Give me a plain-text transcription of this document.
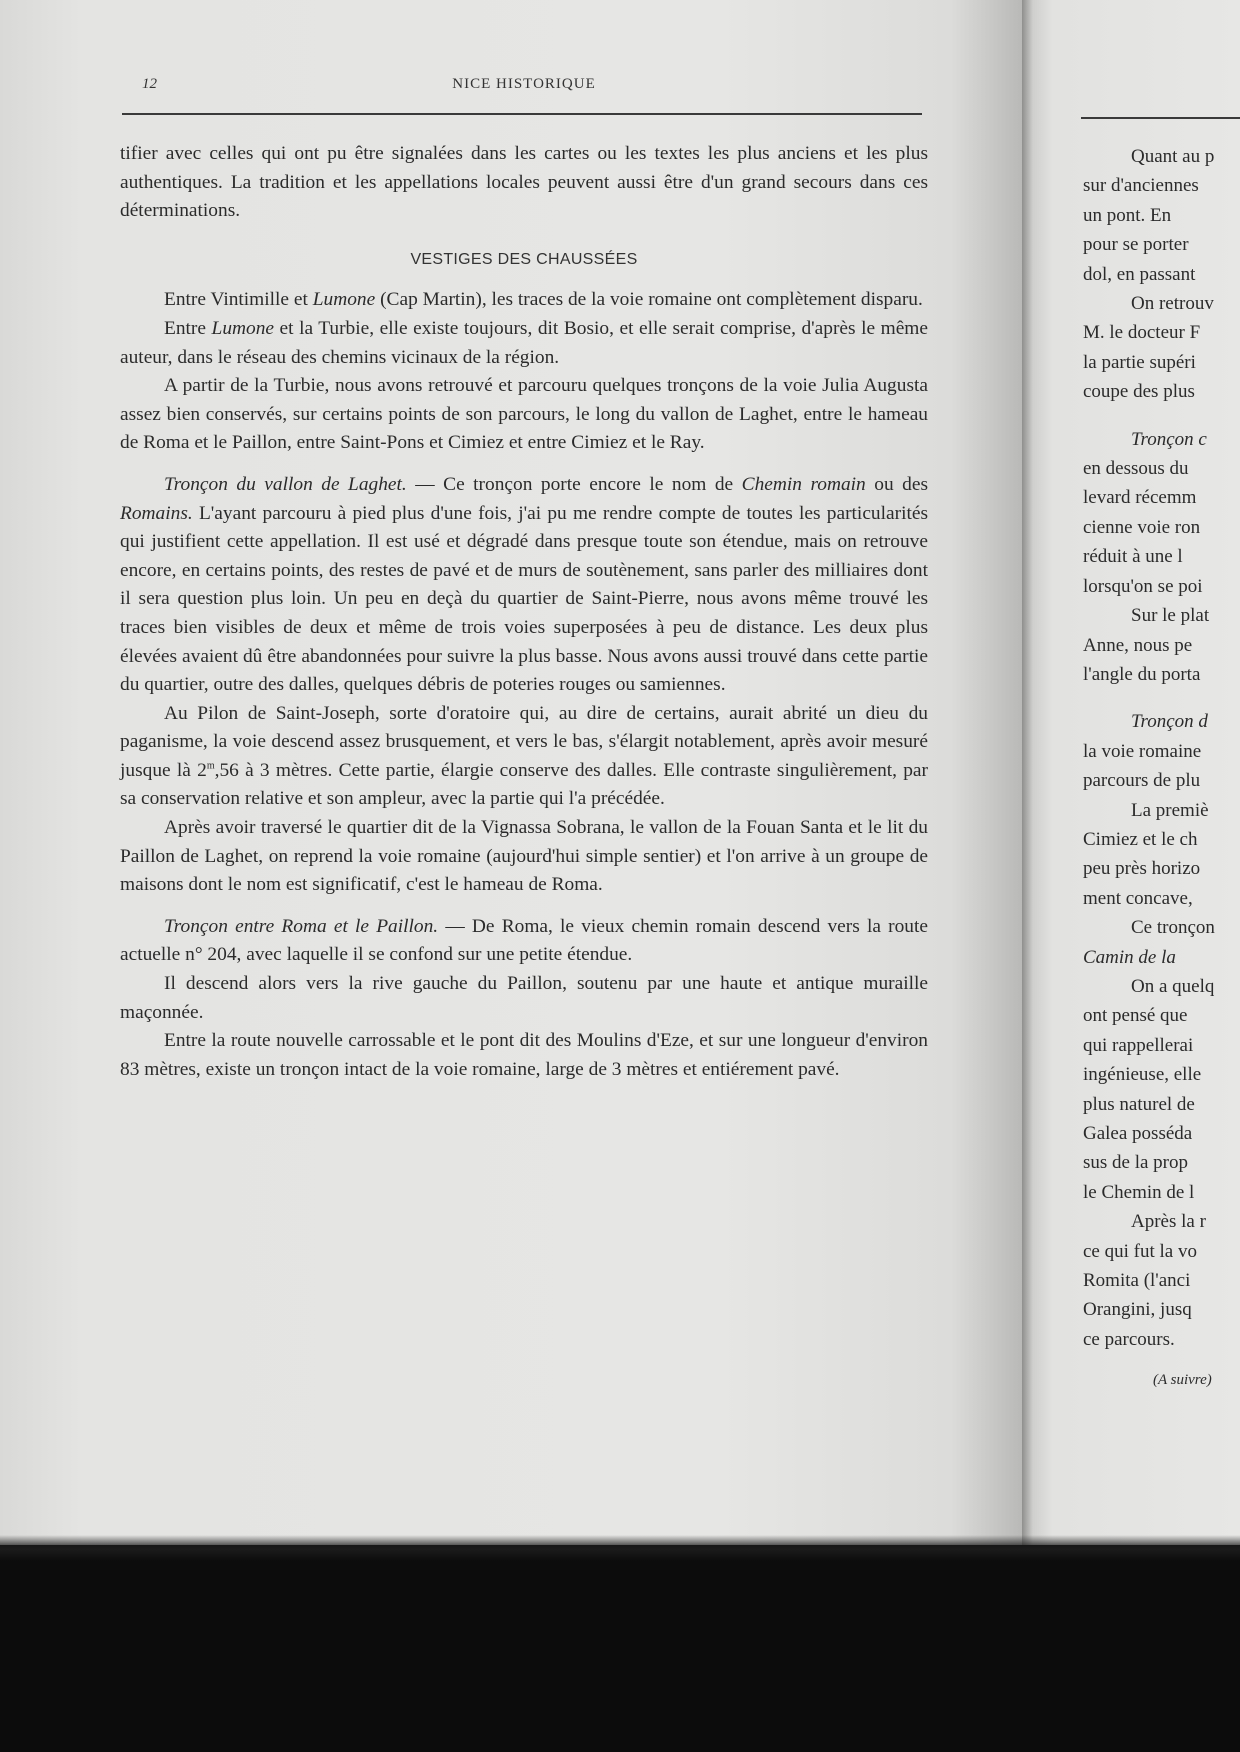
12	NICE HISTORIQUE

tifier avec celles qui ont pu être signalées dans les cartes ou les textes les plus anciens et les plus authentiques. La tradition et les appellations locales peuvent aussi être d'un grand secours dans ces déterminations.

VESTIGES DES CHAUSSÉES

Entre Vintimille et Lumone (Cap Martin), les traces de la voie romaine ont complètement disparu.

Entre Lumone et la Turbie, elle existe toujours, dit Bosio, et elle serait comprise, d'après le même auteur, dans le réseau des chemins vicinaux de la région.

A partir de la Turbie, nous avons retrouvé et parcouru quelques tronçons de la voie Julia Augusta assez bien conservés, sur certains points de son parcours, le long du vallon de Laghet, entre le hameau de Roma et le Paillon, entre Saint-Pons et Cimiez et entre Cimiez et le Ray.

Tronçon du vallon de Laghet. — Ce tronçon porte encore le nom de Chemin romain ou des Romains. L'ayant parcouru à pied plus d'une fois, j'ai pu me rendre compte de toutes les particularités qui justifient cette appellation. Il est usé et dégradé dans presque toute son étendue, mais on retrouve encore, en certains points, des restes de pavé et de murs de soutènement, sans parler des milliaires dont il sera question plus loin. Un peu en deçà du quartier de Saint-Pierre, nous avons même trouvé les traces bien visibles de deux et même de trois voies superposées à peu de distance. Les deux plus élevées avaient dû être abandonnées pour suivre la plus basse. Nous avons aussi trouvé dans cette partie du quartier, outre des dalles, quelques débris de poteries rouges ou samiennes.

Au Pilon de Saint-Joseph, sorte d'oratoire qui, au dire de certains, aurait abrité un dieu du paganisme, la voie descend assez brusquement, et vers le bas, s'élargit notablement, après avoir mesuré jusque là 2$^m$,56 à 3 mètres. Cette partie, élargie conserve des dalles. Elle contraste singulièrement, par sa conservation relative et son ampleur, avec la partie qui l'a précédée.

Après avoir traversé le quartier dit de la Vignassa Sobrana, le vallon de la Fouan Santa et le lit du Paillon de Laghet, on reprend la voie romaine (aujourd'hui simple sentier) et l'on arrive à un groupe de maisons dont le nom est significatif, c'est le hameau de Roma.

Tronçon entre Roma et le Paillon. — De Roma, le vieux chemin romain descend vers la route actuelle n° 204, avec laquelle il se confond sur une petite étendue.

Il descend alors vers la rive gauche du Paillon, soutenu par une haute et antique muraille maçonnée.

Entre la route nouvelle carrossable et le pont dit des Moulins d'Eze, et sur une longueur d'environ 83 mètres, existe un tronçon intact de la voie romaine, large de 3 mètres et entiérement pavé.

Quant au p
sur d'anciennes
un pont. En
pour se porter
dol, en passant
On retrouv
M. le docteur F
la partie supéri
coupe des plus
Tronçon c
en dessous du
levard récemm
cienne voie ron
réduit à une l
lorsqu'on se poi
Sur le plat
Anne, nous pe
l'angle du porta
Tronçon d
la voie romaine
parcours de plu
La premiè
Cimiez et le ch
peu près horizo
ment concave,
Ce tronçon
Camin de la
On a quelq
ont pensé que
qui rappellerai
ingénieuse, elle
plus naturel de
Galea posséda
sus de la prop
le Chemin de l
Après la r
ce qui fut la vo
Romita (l'anci
Orangini, jusq
ce parcours.
(A suivre)
